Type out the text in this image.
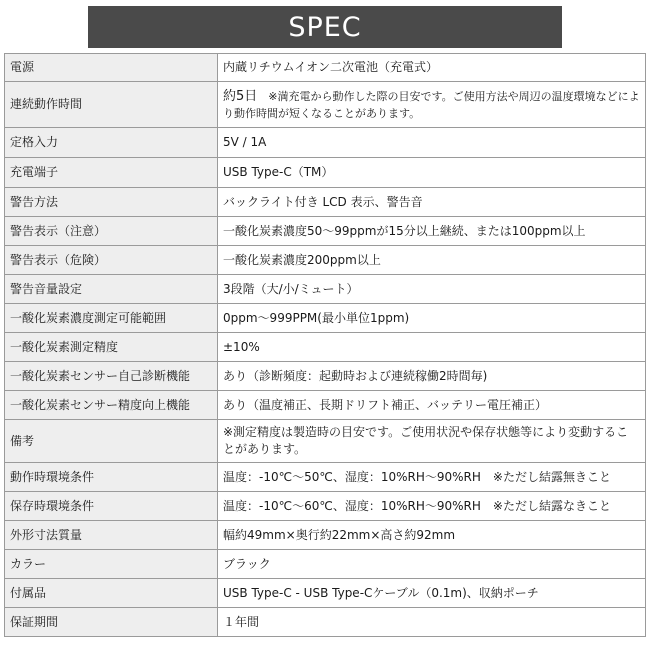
SPEC
電源	内蔵リチウムイオン二次電池（充電式）
連続動作時間	約5日　※満充電から動作した際の目安です。ご使用方法や周辺の温度環境などにより動作時間が短くなることがあります。
定格入力	5V / 1A
充電端子	USB Type-C（TM）
警告方法	バックライト付き LCD 表示、警告音
警告表示（注意）	一酸化炭素濃度50〜99ppmが15分以上継続、または100ppm以上
警告表示（危険）	一酸化炭素濃度200ppm以上
警告音量設定	3段階（大/小/ミュート）
一酸化炭素濃度測定可能範囲	0ppm〜999PPM(最小単位1ppm)
一酸化炭素測定精度	±10%
一酸化炭素センサー自己診断機能	あり（診断頻度：起動時および連続稼働2時間毎)
一酸化炭素センサー精度向上機能	あり（温度補正、長期ドリフト補正、バッテリー電圧補正）
備考	※測定精度は製造時の目安です。ご使用状況や保存状態等により変動することがあります。
動作時環境条件	温度：-10℃〜50℃、湿度：10%RH〜90%RH　※ただし結露無きこと
保存時環境条件	温度：-10℃〜60℃、湿度：10%RH〜90%RH　※ただし結露なきこと
外形寸法質量	幅約49mm×奥行約22mm×高さ約92mm
カラー	ブラック
付属品	USB Type-C - USB Type-Cケーブル（0.1m)、収納ポーチ
保証期間	１年間
